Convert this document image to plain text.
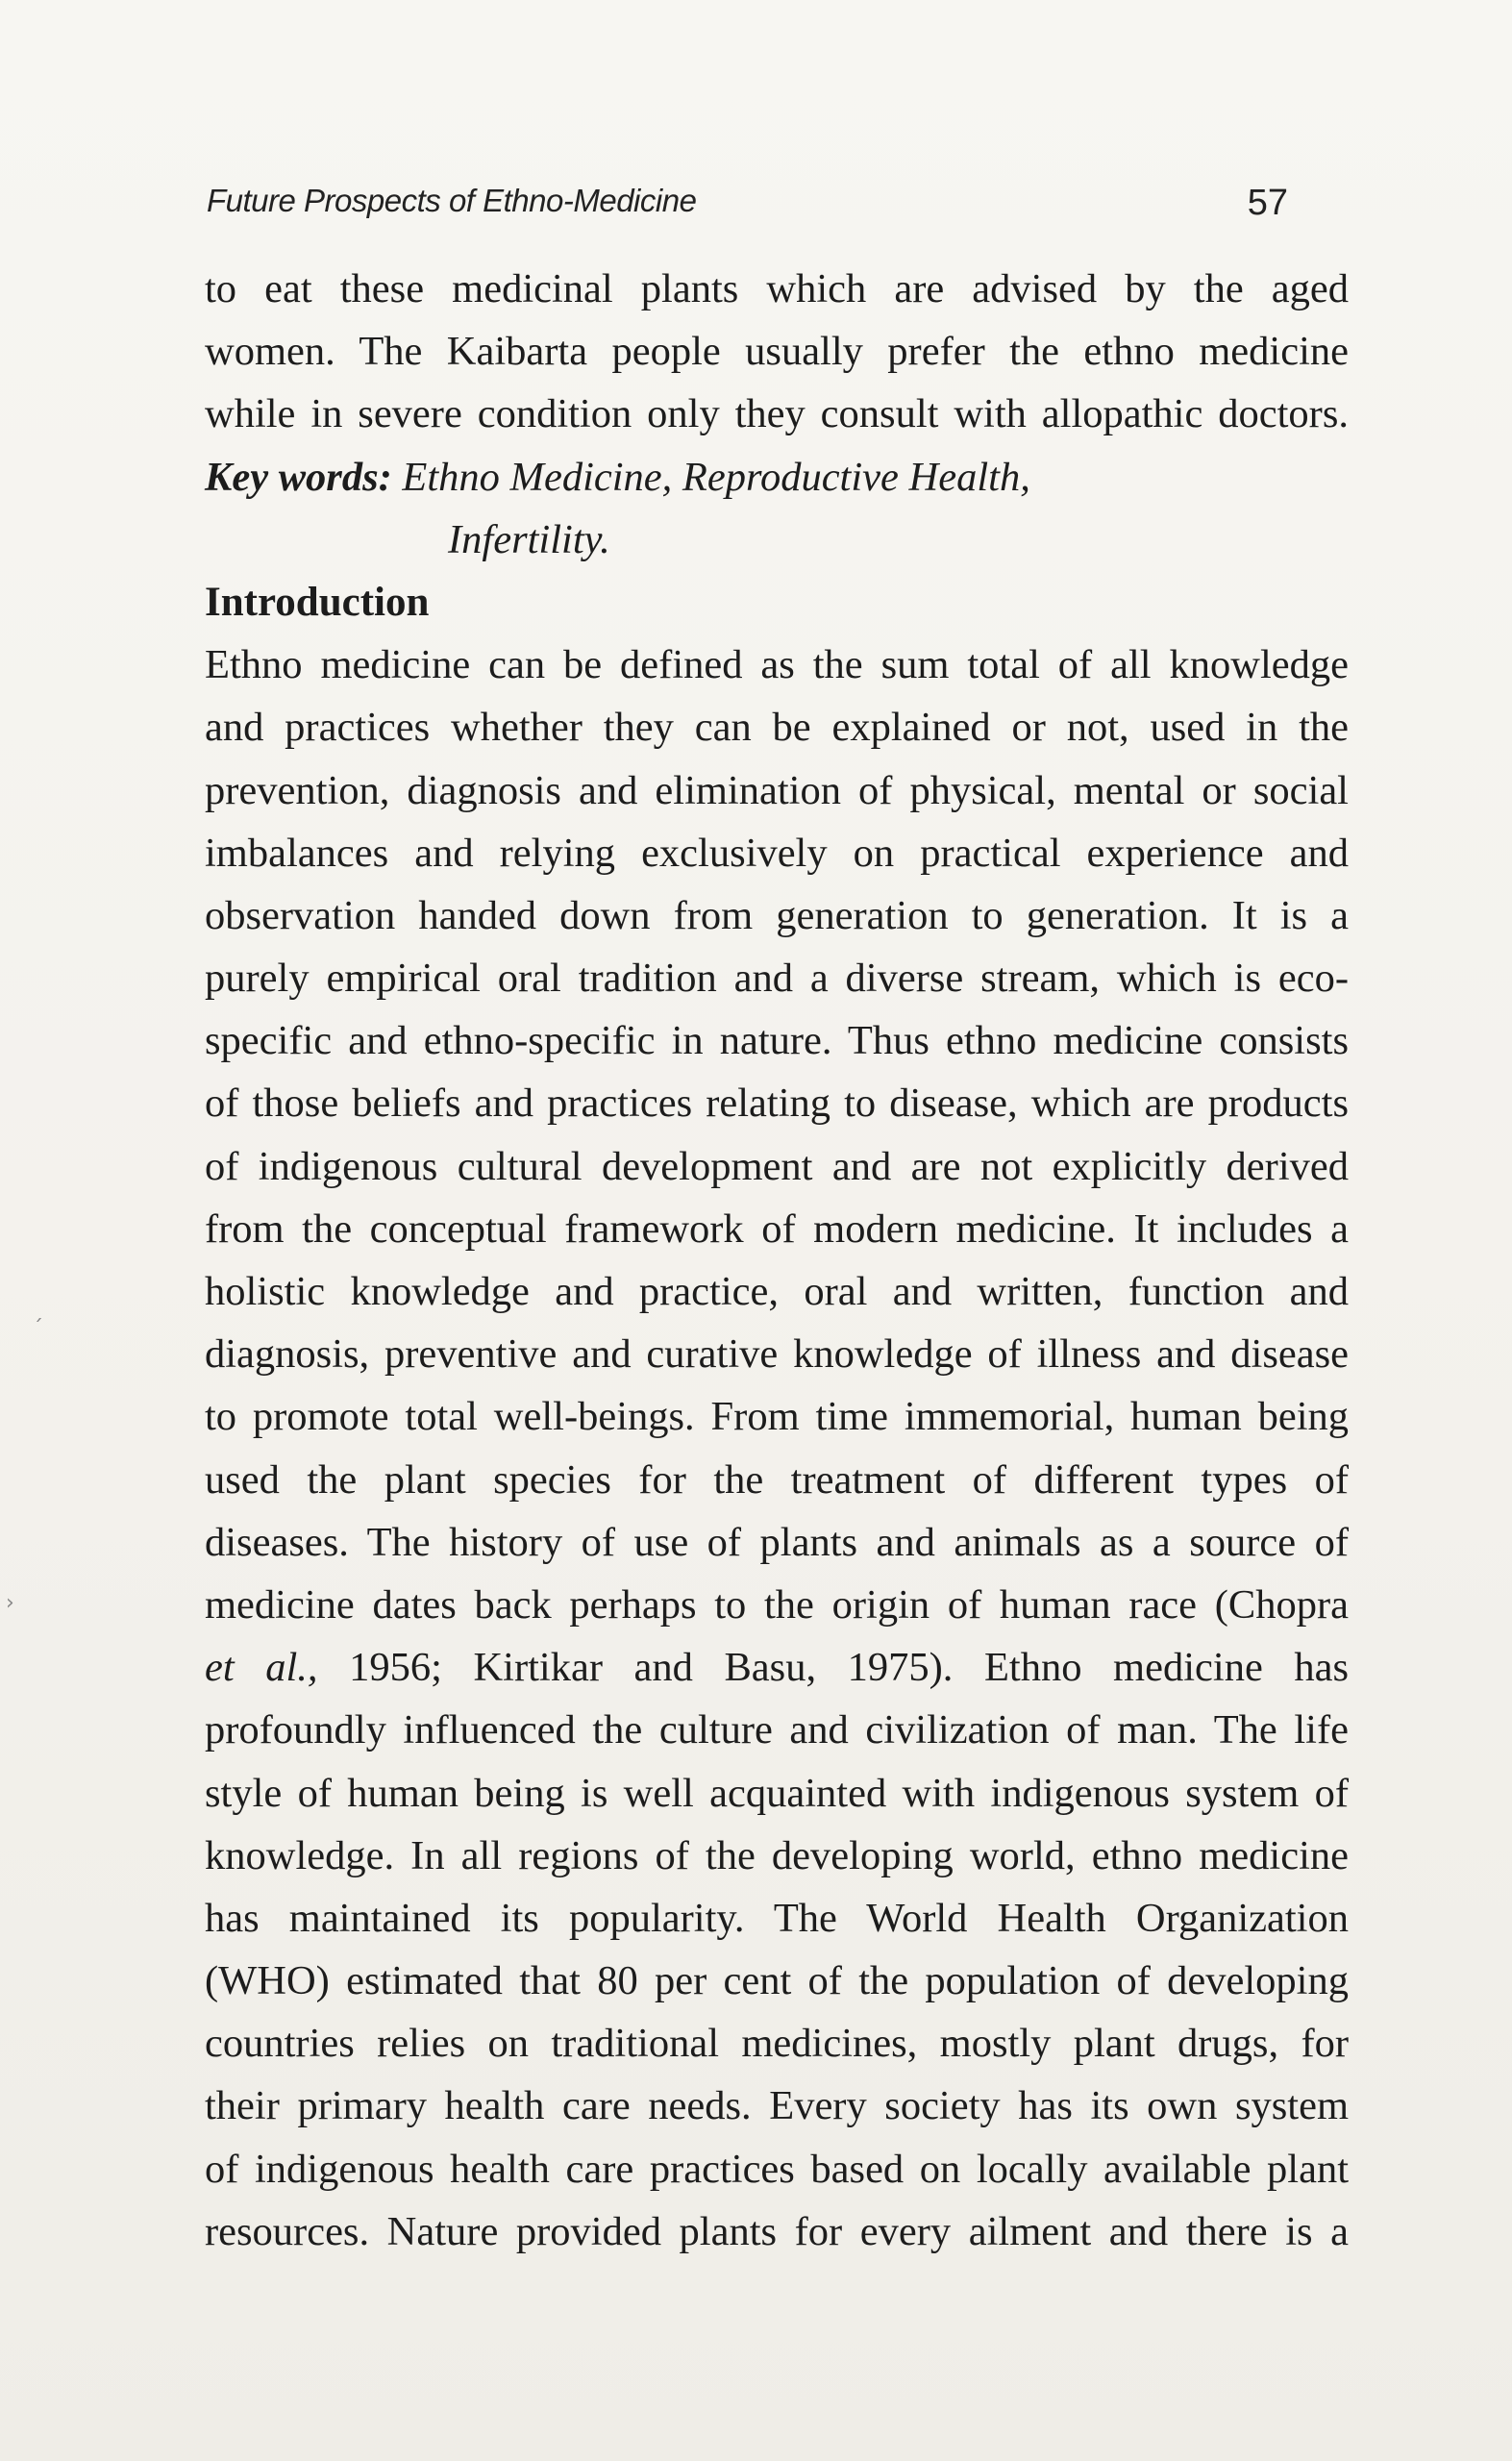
Future Prospects of Ethno-Medicine	57
to eat these medicinal plants which are advised by the aged
women. The Kaibarta people usually prefer the ethno medicine
while in severe condition only they consult with allopathic doctors.
Key words: Ethno Medicine, Reproductive Health,
Infertility.
Introduction
Ethno medicine can be defined as the sum total of all knowledge
and practices whether they can be explained or not, used in the
prevention, diagnosis and elimination of physical, mental or social
imbalances and relying exclusively on practical experience and
observation handed down from generation to generation. It is a
purely empirical oral tradition and a diverse stream, which is eco-
specific and ethno-specific in nature. Thus ethno medicine consists
of those beliefs and practices relating to disease, which are products
of indigenous cultural development and are not explicitly derived
from the conceptual framework of modern medicine. It includes a
holistic knowledge and practice, oral and written, function and
diagnosis, preventive and curative knowledge of illness and disease
to promote total well-beings. From time immemorial, human being
used the plant species for the treatment of different types of
diseases. The history of use of plants and animals as a source of
medicine dates back perhaps to the origin of human race (Chopra
et al., 1956; Kirtikar and Basu, 1975). Ethno medicine has
profoundly influenced the culture and civilization of man. The life
style of human being is well acquainted with indigenous system of
knowledge. In all regions of the developing world, ethno medicine
has maintained its popularity. The World Health Organization
(WHO) estimated that 80 per cent of the population of developing
countries relies on traditional medicines, mostly plant drugs, for
their primary health care needs. Every society has its own system
of indigenous health care practices based on locally available plant
resources. Nature provided plants for every ailment and there is a
´
›
